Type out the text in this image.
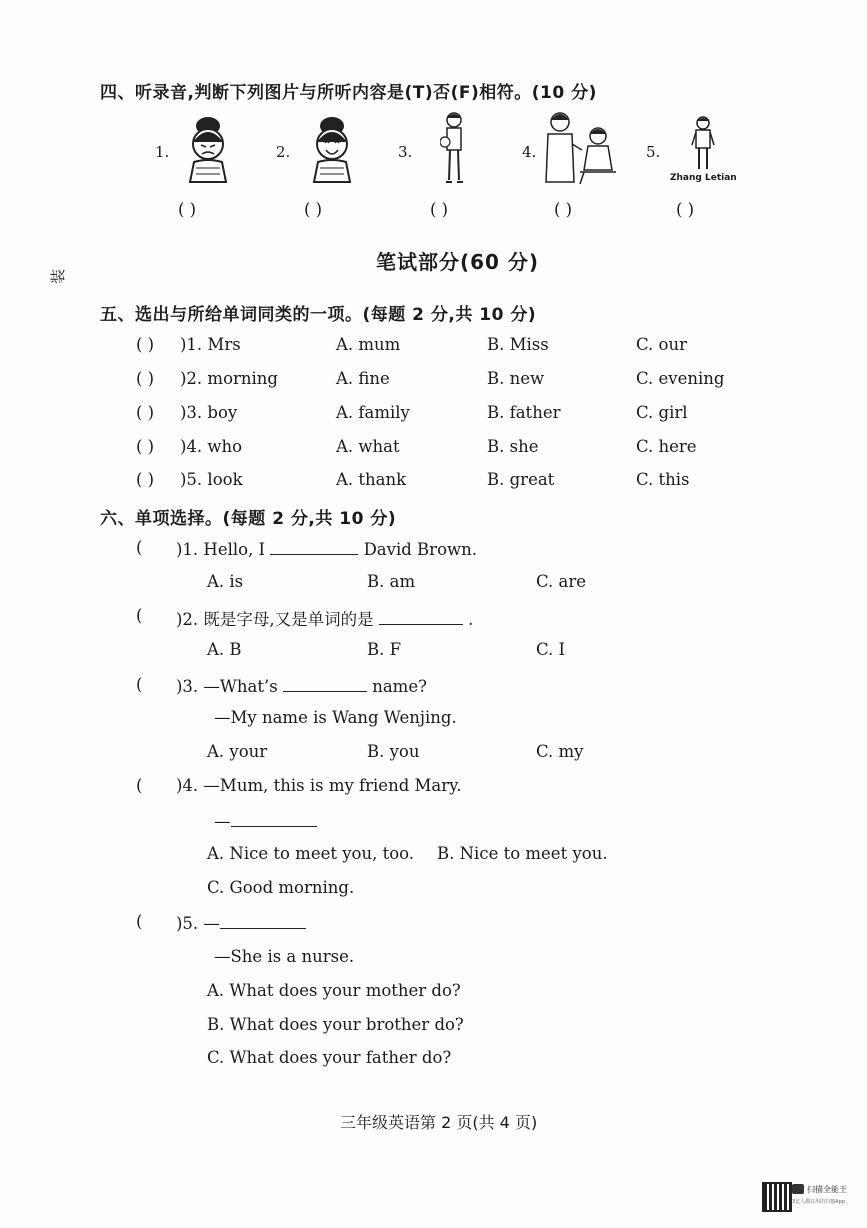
四、听录音,判断下列图片与所听内容是(T)否(F)相符。(10 分)
1.	2.	3.	4.	5.
Zhang Letian
( )	( )	( )	( )	( )
笔试部分(60 分)
装
五、选出与所给单词同类的一项。(每题 2 分,共 10 分)
( ) )1. Mrs	A. mum	B. Miss	C. our
( ) )2. morning	A. fine	B. new	C. evening
( ) )3. boy	A. family	B. father	C. girl
( ) )4. who	A. what	B. she	C. here
( ) )5. look	A. thank	B. great	C. this
六、单项选择。(每题 2 分,共 10 分)
( )1. Hello, I	David Brown.
A. is	B. am	C. are
( )2. 既是字母,又是单词的是	.
A. B	B. F	C. I
( )3. —What’s	name?
—My name is Wang Wenjing.
A. your	B. you	C. my
( )4. —Mum, this is my friend Mary.
—
A. Nice to meet you, too. B. Nice to meet you.
C. Good morning.
( )5. —
—She is a nurse.
A. What does your mother do?
B. What does your brother do?
C. What does your father do?
三年级英语第 2 页(共 4 页)
扫描全能王
3亿人都在用的扫描App
